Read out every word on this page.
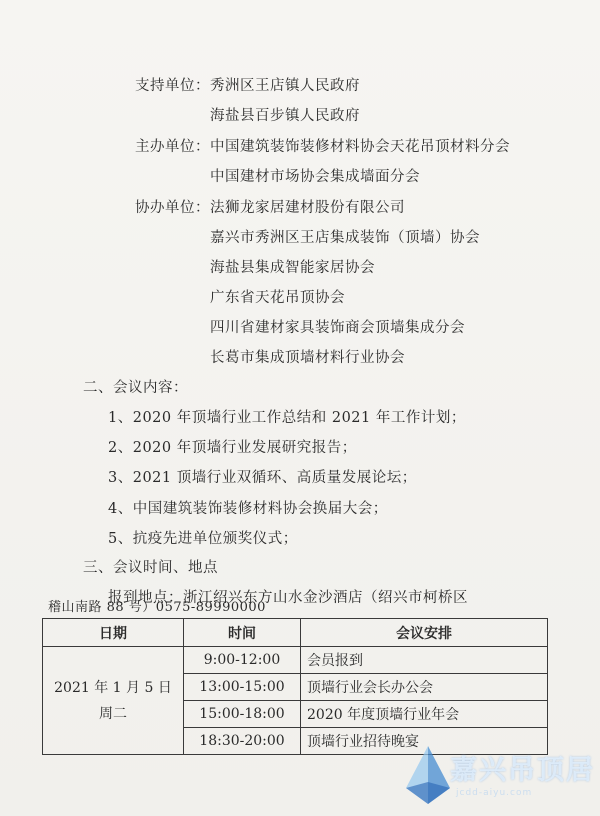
支持单位： 秀洲区王店镇人民政府
海盐县百步镇人民政府
主办单位： 中国建筑装饰装修材料协会天花吊顶材料分会
中国建材市场协会集成墙面分会
协办单位： 法狮龙家居建材股份有限公司
嘉兴市秀洲区王店集成装饰（顶墙）协会
海盐县集成智能家居协会
广东省天花吊顶协会
四川省建材家具装饰商会顶墙集成分会
长葛市集成顶墙材料行业协会
二、会议内容：
1、2020 年顶墙行业工作总结和 2021 年工作计划；
2、2020 年顶墙行业发展研究报告；
3、2021 顶墙行业双循环、高质量发展论坛；
4、中国建筑装饰装修材料协会换届大会；
5、抗疫先进单位颁奖仪式；
三、会议时间、地点
报到地点：浙江绍兴东方山水金沙酒店（绍兴市柯桥区
稽山南路 88 号）0575-89990000
日期	时间	会议安排

2021 年 1 月 5 日
周二	9:00-12:00	会员报到
	13:00-15:00	顶墙行业会长办公会
	15:00-18:00	2020 年度顶墙行业年会
	18:30-20:00	顶墙行业招待晚宴
嘉兴吊顶居
jcdd-aiyu.com
